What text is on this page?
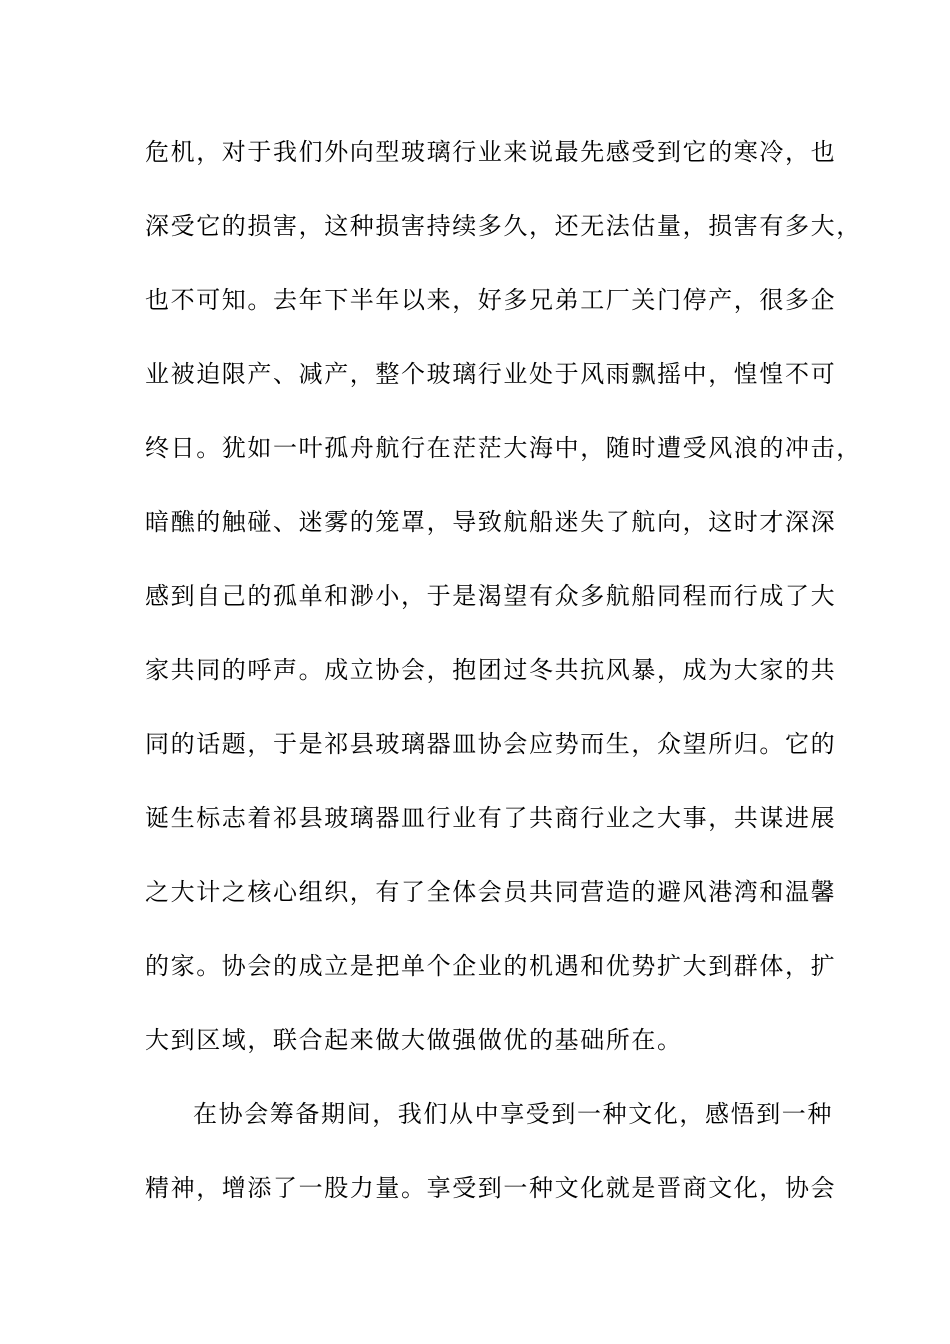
危机，对于我们外向型玻璃行业来说最先感受到它的寒冷，也
深受它的损害，这种损害持续多久，还无法估量，损害有多大，
也不可知。去年下半年以来，好多兄弟工厂关门停产，很多企
业被迫限产、减产，整个玻璃行业处于风雨飘摇中，惶惶不可
终日。犹如一叶孤舟航行在茫茫大海中，随时遭受风浪的冲击，
暗醮的触碰、迷雾的笼罩，导致航船迷失了航向，这时才深深
感到自己的孤单和渺小，于是渴望有众多航船同程而行成了大
家共同的呼声。成立协会，抱团过冬共抗风暴，成为大家的共
同的话题，于是祁县玻璃器皿协会应势而生，众望所归。它的
诞生标志着祁县玻璃器皿行业有了共商行业之大事，共谋进展
之大计之核心组织，有了全体会员共同营造的避风港湾和温馨
的家。协会的成立是把单个企业的机遇和优势扩大到群体，扩
大到区域，联合起来做大做强做优的基础所在。
在协会筹备期间，我们从中享受到一种文化，感悟到一种
精神，增添了一股力量。享受到一种文化就是晋商文化，协会
